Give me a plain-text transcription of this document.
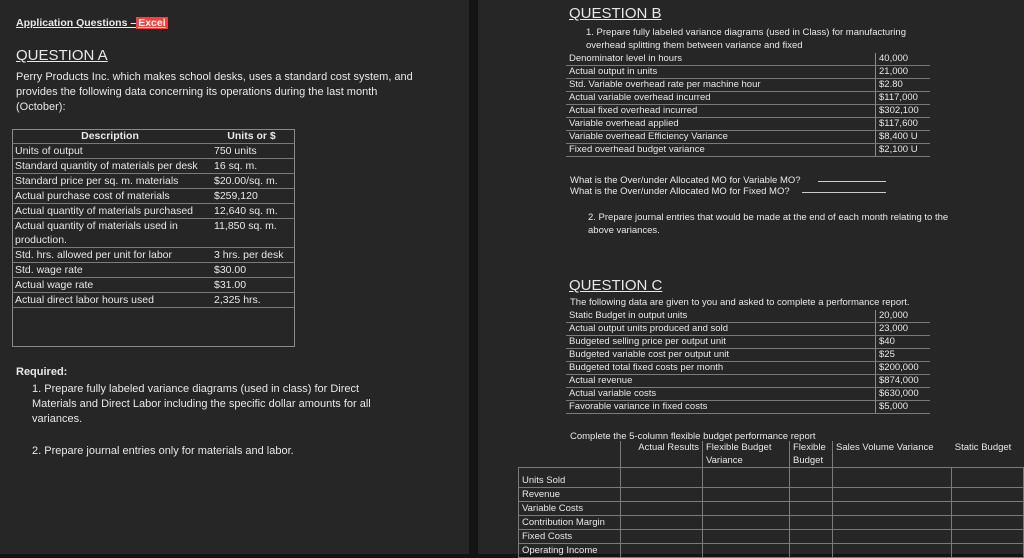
Application Questions – Excel
QUESTION A
Perry Products Inc. which makes school desks, uses a standard cost system, and provides the following data concerning its operations during the last month (October):
Description	Units or $
Units of output	750 units
Standard quantity of materials per desk	16 sq. m.
Standard price per sq. m. materials	$20.00/sq. m.
Actual purchase cost of materials	$259,120
Actual quantity of materials purchased	12,640 sq. m.
Actual quantity of materials used in production.	11,850 sq. m.
Std. hrs. allowed per unit for labor	3 hrs. per desk
Std. wage rate	$30.00
Actual wage rate	$31.00
Actual direct labor hours used	2,325 hrs.
Required:
1. Prepare fully labeled variance diagrams (used in class) for Direct Materials and Direct Labor including the specific dollar amounts for all variances.
2. Prepare journal entries only for materials and labor.
QUESTION B
1. Prepare fully labeled variance diagrams (used in Class) for manufacturing overhead splitting them between variance and fixed
Denominator level in hours	40,000
Actual output in units	21,000
Std. Variable overhead rate per machine hour	$2.80
Actual variable overhead incurred	$117,000
Actual fixed overhead incurred	$302,100
Variable overhead applied	$117,600
Variable overhead Efficiency Variance	$8,400 U
Fixed overhead budget variance	$2,100 U
What is the Over/under Allocated MO for Variable MO?
What is the Over/under Allocated MO for Fixed MO?
2. Prepare journal entries that would be made at the end of each month relating to the above variances.
QUESTION C
The following data are given to you and asked to complete a performance report.
Static Budget in output units	20,000
Actual output units produced and sold	23,000
Budgeted selling price per output unit	$40
Budgeted variable cost per output unit	$25
Budgeted total fixed costs per month	$200,000
Actual revenue	$874,000
Actual variable costs	$630,000
Favorable variance in fixed costs	$5,000
Complete the 5-column flexible budget performance report
	Actual Results	Flexible Budget Variance	Flexible Budget	Sales Volume Variance	Static Budget
Units Sold					
Revenue					
Variable Costs					
Contribution Margin					
Fixed Costs					
Operating Income					
